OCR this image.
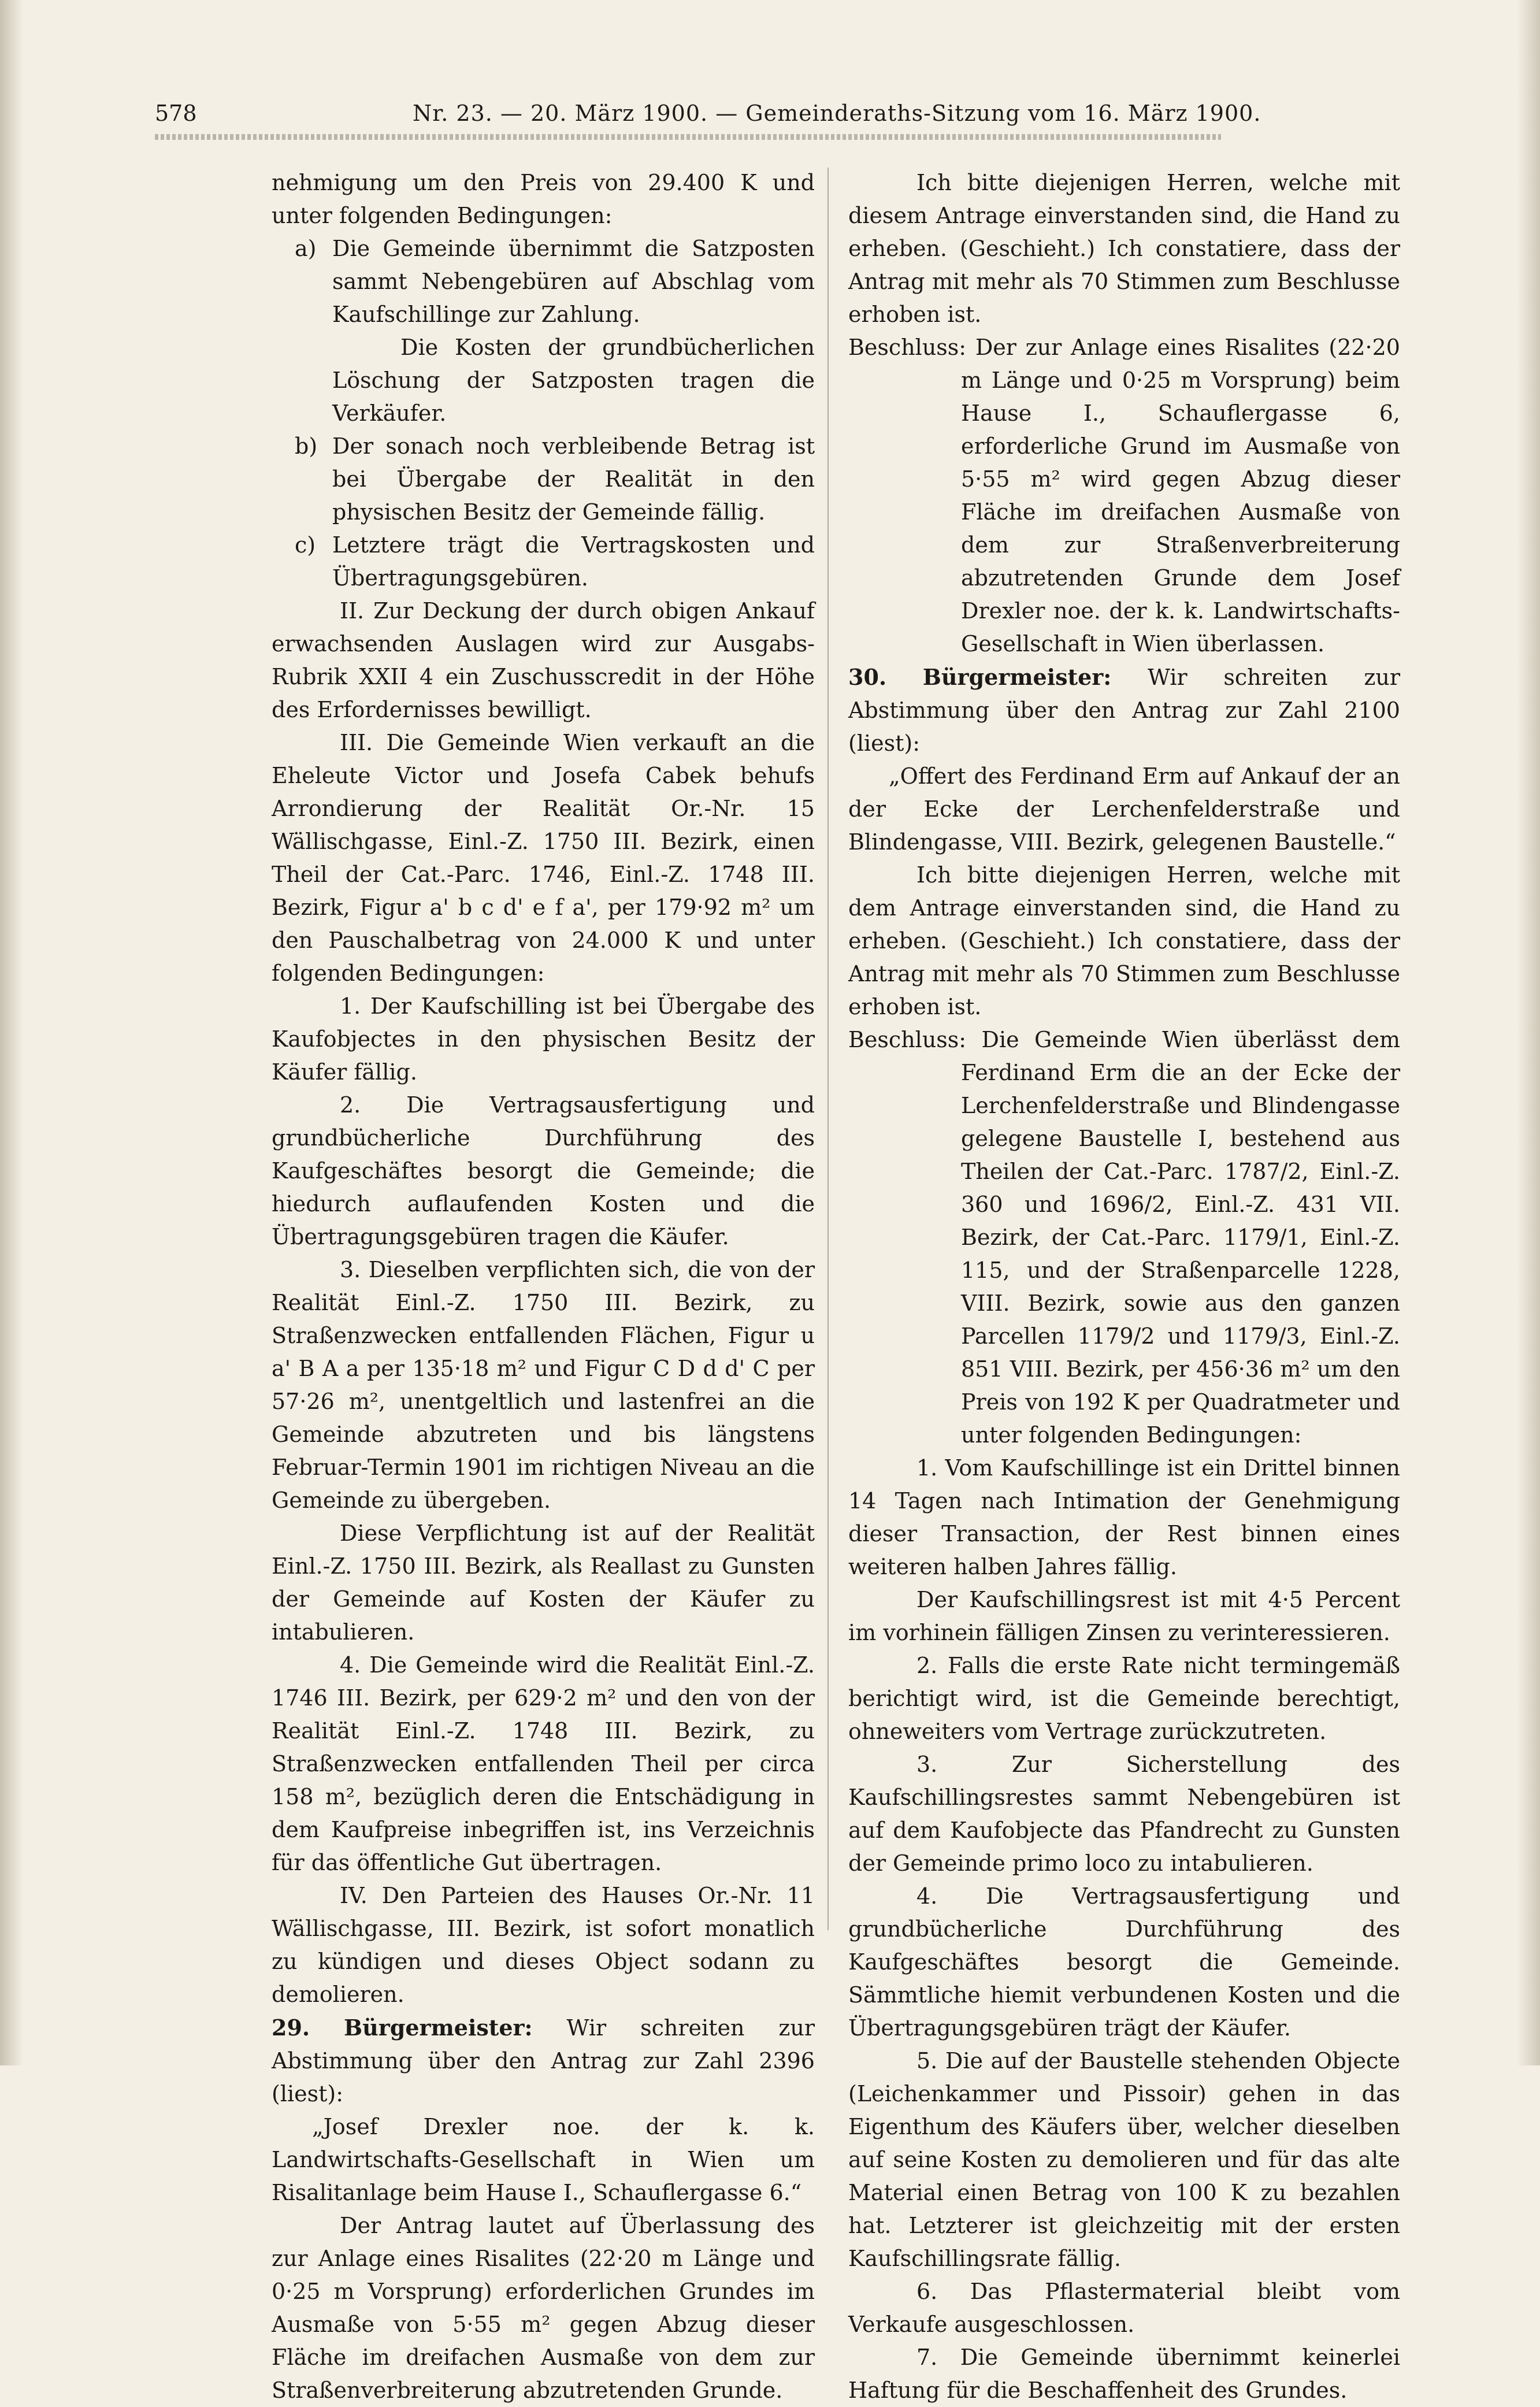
578	Nr. 23. — 20. März 1900. — Gemeinderaths-Sitzung vom 16. März 1900.

nehmigung um den Preis von 29.400 K und unter folgenden Bedingungen:

a) Die Gemeinde übernimmt die Satzposten sammt Nebengebüren auf Abschlag vom Kaufschillinge zur Zahlung.

Die Kosten der grundbücherlichen Löschung der Satzposten tragen die Verkäufer.

b) Der sonach noch verbleibende Betrag ist bei Übergabe der Realität in den physischen Besitz der Gemeinde fällig.

c) Letztere trägt die Vertragskosten und Übertragungsgebüren.

II. Zur Deckung der durch obigen Ankauf erwachsenden Auslagen wird zur Ausgabs-Rubrik XXII 4 ein Zuschusscredit in der Höhe des Erfordernisses bewilligt.

III. Die Gemeinde Wien verkauft an die Eheleute Victor und Josefa Cabek behufs Arrondierung der Realität Or.-Nr. 15 Wällischgasse, Einl.-Z. 1750 III. Bezirk, einen Theil der Cat.-Parc. 1746, Einl.-Z. 1748 III. Bezirk, Figur a' b c d' e f a', per 179·92 m² um den Pauschalbetrag von 24.000 K und unter folgenden Bedingungen:

1. Der Kaufschilling ist bei Übergabe des Kaufobjectes in den physischen Besitz der Käufer fällig.

2. Die Vertragsausfertigung und grundbücherliche Durchführung des Kaufgeschäftes besorgt die Gemeinde; die hiedurch auflaufenden Kosten und die Übertragungsgebüren tragen die Käufer.

3. Dieselben verpflichten sich, die von der Realität Einl.-Z. 1750 III. Bezirk, zu Straßenzwecken entfallenden Flächen, Figur u a' B A a per 135·18 m² und Figur C D d d' C per 57·26 m², unentgeltlich und lastenfrei an die Gemeinde abzutreten und bis längstens Februar-Termin 1901 im richtigen Niveau an die Gemeinde zu übergeben.

Diese Verpflichtung ist auf der Realität Einl.-Z. 1750 III. Bezirk, als Reallast zu Gunsten der Gemeinde auf Kosten der Käufer zu intabulieren.

4. Die Gemeinde wird die Realität Einl.-Z. 1746 III. Bezirk, per 629·2 m² und den von der Realität Einl.-Z. 1748 III. Bezirk, zu Straßenzwecken entfallenden Theil per circa 158 m², bezüglich deren die Entschädigung in dem Kaufpreise inbegriffen ist, ins Verzeichnis für das öffentliche Gut übertragen.

IV. Den Parteien des Hauses Or.-Nr. 11 Wällischgasse, III. Bezirk, ist sofort monatlich zu kündigen und dieses Object sodann zu demolieren.

29. Bürgermeister: Wir schreiten zur Abstimmung über den Antrag zur Zahl 2396 (liest):

„Josef Drexler noe. der k. k. Landwirtschafts-Gesellschaft in Wien um Risalitanlage beim Hause I., Schauflergasse 6.“

Der Antrag lautet auf Überlassung des zur Anlage eines Risalites (22·20 m Länge und 0·25 m Vorsprung) erforderlichen Grundes im Ausmaße von 5·55 m² gegen Abzug dieser Fläche im dreifachen Ausmaße von dem zur Straßenverbreiterung abzutretenden Grunde.

Ich bitte diejenigen Herren, welche mit diesem Antrage einverstanden sind, die Hand zu erheben. (Geschieht.) Ich constatiere, dass der Antrag mit mehr als 70 Stimmen zum Beschlusse erhoben ist.

Beschluss: Der zur Anlage eines Risalites (22·20 m Länge und 0·25 m Vorsprung) beim Hause I., Schauflergasse 6, erforderliche Grund im Ausmaße von 5·55 m² wird gegen Abzug dieser Fläche im dreifachen Ausmaße von dem zur Straßenverbreiterung abzutretenden Grunde dem Josef Drexler noe. der k. k. Landwirtschafts-Gesellschaft in Wien überlassen.

30. Bürgermeister: Wir schreiten zur Abstimmung über den Antrag zur Zahl 2100 (liest):

„Offert des Ferdinand Erm auf Ankauf der an der Ecke der Lerchenfelderstraße und Blindengasse, VIII. Bezirk, gelegenen Baustelle.“

Ich bitte diejenigen Herren, welche mit dem Antrage einverstanden sind, die Hand zu erheben. (Geschieht.) Ich constatiere, dass der Antrag mit mehr als 70 Stimmen zum Beschlusse erhoben ist.

Beschluss: Die Gemeinde Wien überlässt dem Ferdinand Erm die an der Ecke der Lerchenfelderstraße und Blindengasse gelegene Baustelle I, bestehend aus Theilen der Cat.-Parc. 1787/2, Einl.-Z. 360 und 1696/2, Einl.-Z. 431 VII. Bezirk, der Cat.-Parc. 1179/1, Einl.-Z. 115, und der Straßenparcelle 1228, VIII. Bezirk, sowie aus den ganzen Parcellen 1179/2 und 1179/3, Einl.-Z. 851 VIII. Bezirk, per 456·36 m² um den Preis von 192 K per Quadratmeter und unter folgenden Bedingungen:

1. Vom Kaufschillinge ist ein Drittel binnen 14 Tagen nach Intimation der Genehmigung dieser Transaction, der Rest binnen eines weiteren halben Jahres fällig.

Der Kaufschillingsrest ist mit 4·5 Percent im vorhinein fälligen Zinsen zu verinteressieren.

2. Falls die erste Rate nicht termingemäß berichtigt wird, ist die Gemeinde berechtigt, ohneweiters vom Vertrage zurückzutreten.

3. Zur Sicherstellung des Kaufschillingsrestes sammt Nebengebüren ist auf dem Kaufobjecte das Pfandrecht zu Gunsten der Gemeinde primo loco zu intabulieren.

4. Die Vertragsausfertigung und grundbücherliche Durchführung des Kaufgeschäftes besorgt die Gemeinde. Sämmtliche hiemit verbundenen Kosten und die Übertragungsgebüren trägt der Käufer.

5. Die auf der Baustelle stehenden Objecte (Leichenkammer und Pissoir) gehen in das Eigenthum des Käufers über, welcher dieselben auf seine Kosten zu demolieren und für das alte Material einen Betrag von 100 K zu bezahlen hat. Letzterer ist gleichzeitig mit der ersten Kaufschillingsrate fällig.

6. Das Pflastermaterial bleibt vom Verkaufe ausgeschlossen.

7. Die Gemeinde übernimmt keinerlei Haftung für die Beschaffenheit des Grundes.
